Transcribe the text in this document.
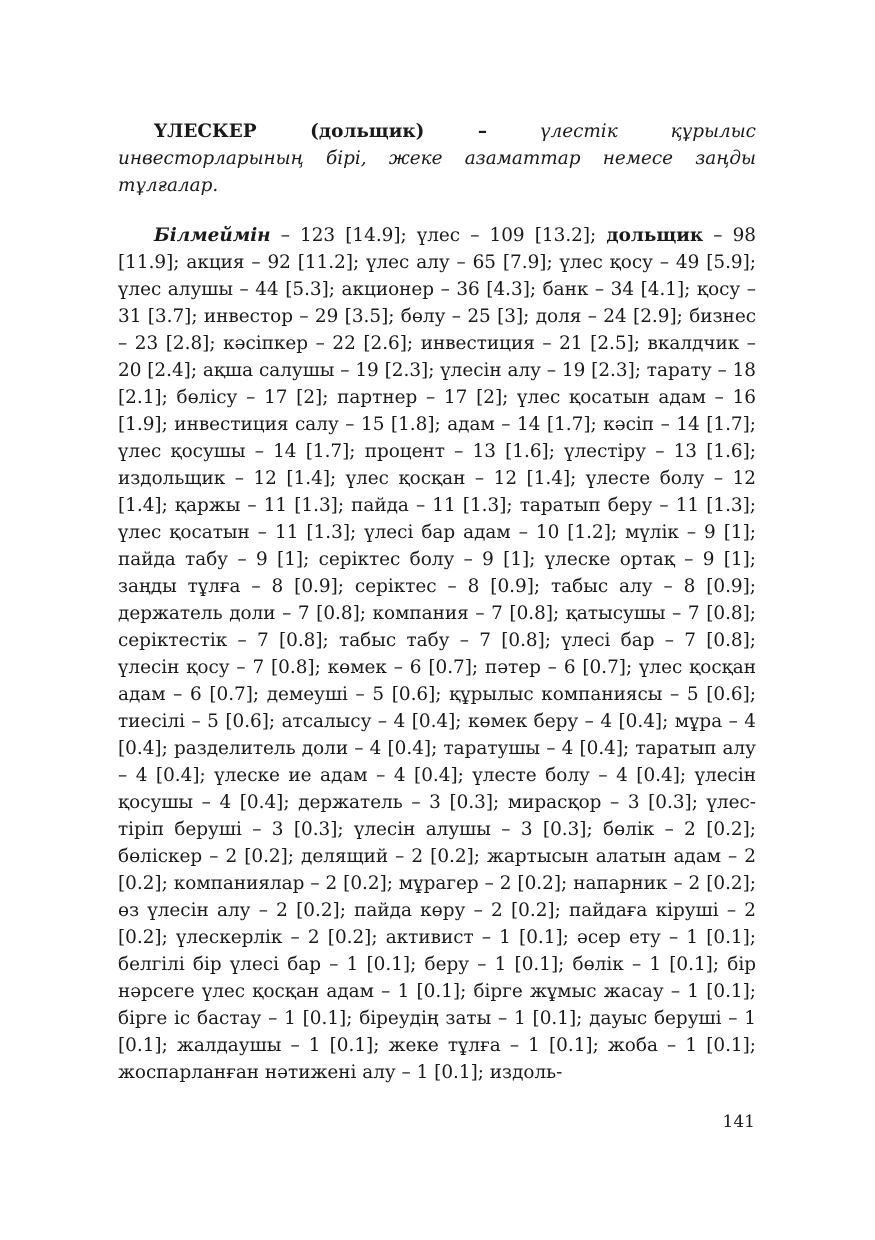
ҮЛЕСКЕР (дольщик) – үлестік құрылыс инвесторларының бірі, жеке азаматтар немесе заңды тұлғалар.

Білмеймін – 123 [14.9]; үлес – 109 [13.2]; дольщик – 98 [11.9]; акция – 92 [11.2]; үлес алу – 65 [7.9]; үлес қосу – 49 [5.9]; үлес алушы – 44 [5.3]; акционер – 36 [4.3]; банк – 34 [4.1]; қосу – 31 [3.7]; инвестор – 29 [3.5]; бөлу – 25 [3]; доля – 24 [2.9]; бизнес – 23 [2.8]; кәсіпкер – 22 [2.6]; инвестиция – 21 [2.5]; вкалдчик – 20 [2.4]; ақша салушы – 19 [2.3]; үлесін алу – 19 [2.3]; тарату – 18 [2.1]; бөлісу – 17 [2]; партнер – 17 [2]; үлес қосатын адам – 16 [1.9]; инвестиция салу – 15 [1.8]; адам – 14 [1.7]; кәсіп – 14 [1.7]; үлес қосушы – 14 [1.7]; процент – 13 [1.6]; үлестіру – 13 [1.6]; издольщик – 12 [1.4]; үлес қосқан – 12 [1.4]; үлесте болу – 12 [1.4]; қаржы – 11 [1.3]; пайда – 11 [1.3]; таратып беру – 11 [1.3]; үлес қосатын – 11 [1.3]; үлесі бар адам – 10 [1.2]; мүлік – 9 [1]; пайда табу – 9 [1]; серіктес болу – 9 [1]; үлеске ортақ – 9 [1]; заңды тұлға – 8 [0.9]; серіктес – 8 [0.9]; табыс алу – 8 [0.9]; держатель доли – 7 [0.8]; компания – 7 [0.8]; қатысушы – 7 [0.8]; серіктестік – 7 [0.8]; табыс табу – 7 [0.8]; үлесі бар – 7 [0.8]; үлесін қосу – 7 [0.8]; көмек – 6 [0.7]; пәтер – 6 [0.7]; үлес қосқан адам – 6 [0.7]; демеуші – 5 [0.6]; құрылыс компаниясы – 5 [0.6]; тиесілі – 5 [0.6]; атсалысу – 4 [0.4]; көмек беру – 4 [0.4]; мұра – 4 [0.4]; разделитель доли – 4 [0.4]; таратушы – 4 [0.4]; таратып алу – 4 [0.4]; үлеске ие адам – 4 [0.4]; үлесте болу – 4 [0.4]; үлесін қосушы – 4 [0.4]; держатель – 3 [0.3]; мирасқор – 3 [0.3]; үлестіріп беруші – 3 [0.3]; үлесін алушы – 3 [0.3]; бөлік – 2 [0.2]; бөліскер – 2 [0.2]; делящий – 2 [0.2]; жартысын алатын адам – 2 [0.2]; компаниялар – 2 [0.2]; мұрагер – 2 [0.2]; напарник – 2 [0.2]; өз үлесін алу – 2 [0.2]; пайда көру – 2 [0.2]; пайдаға кіруші – 2 [0.2]; үлескерлік – 2 [0.2]; активист – 1 [0.1]; әсер ету – 1 [0.1]; белгілі бір үлесі бар – 1 [0.1]; беру – 1 [0.1]; бөлік – 1 [0.1]; бір нәрсеге үлес қосқан адам – 1 [0.1]; бірге жұмыс жасау – 1 [0.1]; бірге іс бастау – 1 [0.1]; біреудің заты – 1 [0.1]; дауыс беруші – 1 [0.1]; жалдаушы – 1 [0.1]; жеке тұлға – 1 [0.1]; жоба – 1 [0.1]; жоспарланған нәтижені алу – 1 [0.1]; издоль-

141
